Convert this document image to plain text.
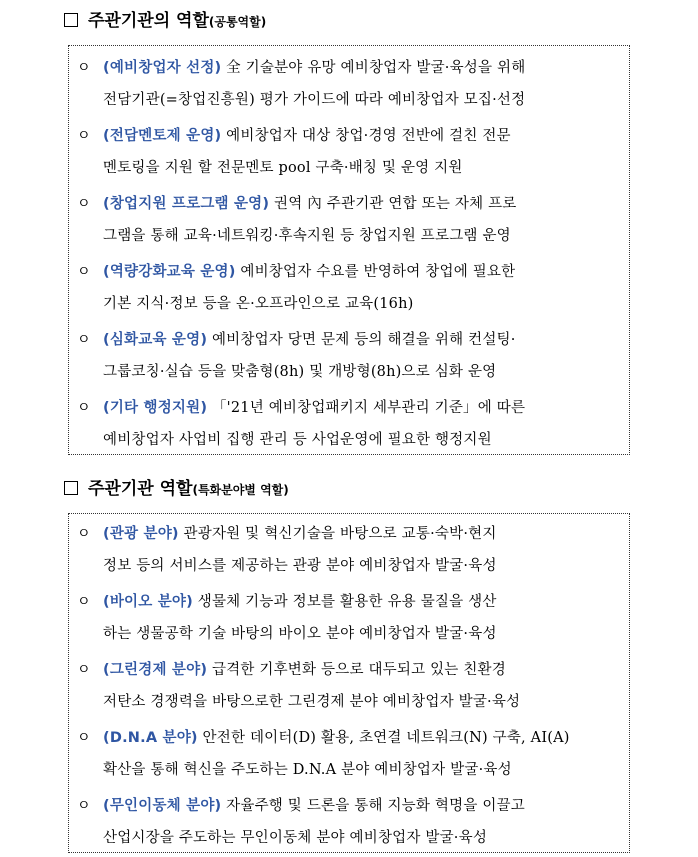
주관기관의 역할(공통역할)
ㅇ (예비창업자 선정) 全 기술분야 유망 예비창업자 발굴·육성을 위해
전담기관(=창업진흥원) 평가 가이드에 따라 예비창업자 모집·선정
ㅇ (전담멘토제 운영) 예비창업자 대상 창업·경영 전반에 걸친 전문
멘토링을 지원 할 전문멘토 pool 구축·배칭 및 운영 지원
ㅇ (창업지원 프로그램 운영) 권역 內 주관기관 연합 또는 자체 프로
그램을 통해 교육·네트워킹·후속지원 등 창업지원 프로그램 운영
ㅇ (역량강화교육 운영) 예비창업자 수요를 반영하여 창업에 필요한
기본 지식·정보 등을 온·오프라인으로 교육(16h)
ㅇ (심화교육 운영) 예비창업자 당면 문제 등의 해결을 위해 컨설팅·
그룹코칭·실습 등을 맞춤형(8h) 및 개방형(8h)으로 심화 운영
ㅇ (기타 행정지원) 「'21년 예비창업패키지 세부관리 기준」에 따른
예비창업자 사업비 집행 관리 등 사업운영에 필요한 행정지원
주관기관 역할(특화분야별 역할)
ㅇ (관광 분야) 관광자원 및 혁신기술을 바탕으로 교통·숙박·현지
정보 등의 서비스를 제공하는 관광 분야 예비창업자 발굴·육성
ㅇ (바이오 분야) 생물체 기능과 정보를 활용한 유용 물질을 생산
하는 생물공학 기술 바탕의 바이오 분야 예비창업자 발굴·육성
ㅇ (그린경제 분야) 급격한 기후변화 등으로 대두되고 있는 친환경
저탄소 경쟁력을 바탕으로한 그린경제 분야 예비창업자 발굴·육성
ㅇ (D.N.A 분야) 안전한 데이터(D) 활용, 초연결 네트워크(N) 구축, AI(A)
확산을 통해 혁신을 주도하는 D.N.A 분야 예비창업자 발굴·육성
ㅇ (무인이동체 분야) 자율주행 및 드론을 통해 지능화 혁명을 이끌고
산업시장을 주도하는 무인이동체 분야 예비창업자 발굴·육성
